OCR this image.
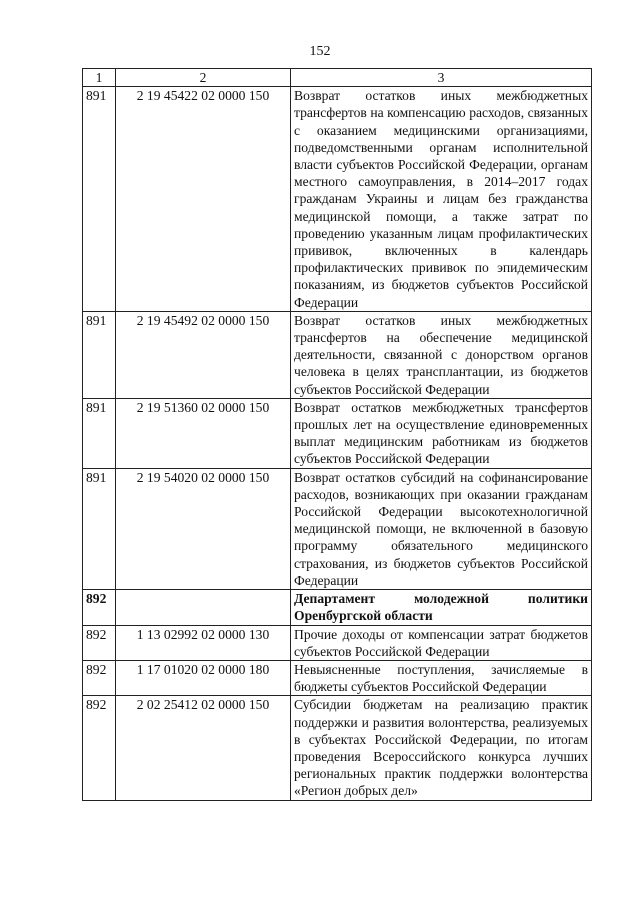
152
1	2	3
891	2 19 45422 02 0000 150	Возврат остатков иных межбюджетных трансфертов на компенсацию расходов, связанных с оказанием медицинскими организациями, подведомственными органам исполнительной власти субъектов Российской Федерации, органам местного самоуправления, в 2014–2017 годах гражданам Украины и лицам без гражданства медицинской помощи, а также затрат по проведению указанным лицам профилактических прививок, включенных в календарь профилактических прививок по эпидемическим показаниям, из бюджетов субъектов Российской Федерации
891	2 19 45492 02 0000 150	Возврат остатков иных межбюджетных трансфертов на обеспечение медицинской деятельности, связанной с донорством органов человека в целях трансплантации, из бюджетов субъектов Российской Федерации
891	2 19 51360 02 0000 150	Возврат остатков межбюджетных трансфертов прошлых лет на осуществление единовременных выплат медицинским работникам из бюджетов субъектов Российской Федерации
891	2 19 54020 02 0000 150	Возврат остатков субсидий на софинансирование расходов, возникающих при оказании гражданам Российской Федерации высокотехнологичной медицинской помощи, не включенной в базовую программу обязательного медицинского страхования, из бюджетов субъектов Российской Федерации
892		Департамент молодежной политики Оренбургской области
892	1 13 02992 02 0000 130	Прочие доходы от компенсации затрат бюджетов субъектов Российской Федерации
892	1 17 01020 02 0000 180	Невыясненные поступления, зачисляемые в бюджеты субъектов Российской Федерации
892	2 02 25412 02 0000 150	Субсидии бюджетам на реализацию практик поддержки и развития волонтерства, реализуемых в субъектах Российской Федерации, по итогам проведения Всероссийского конкурса лучших региональных практик поддержки волонтерства «Регион добрых дел»
